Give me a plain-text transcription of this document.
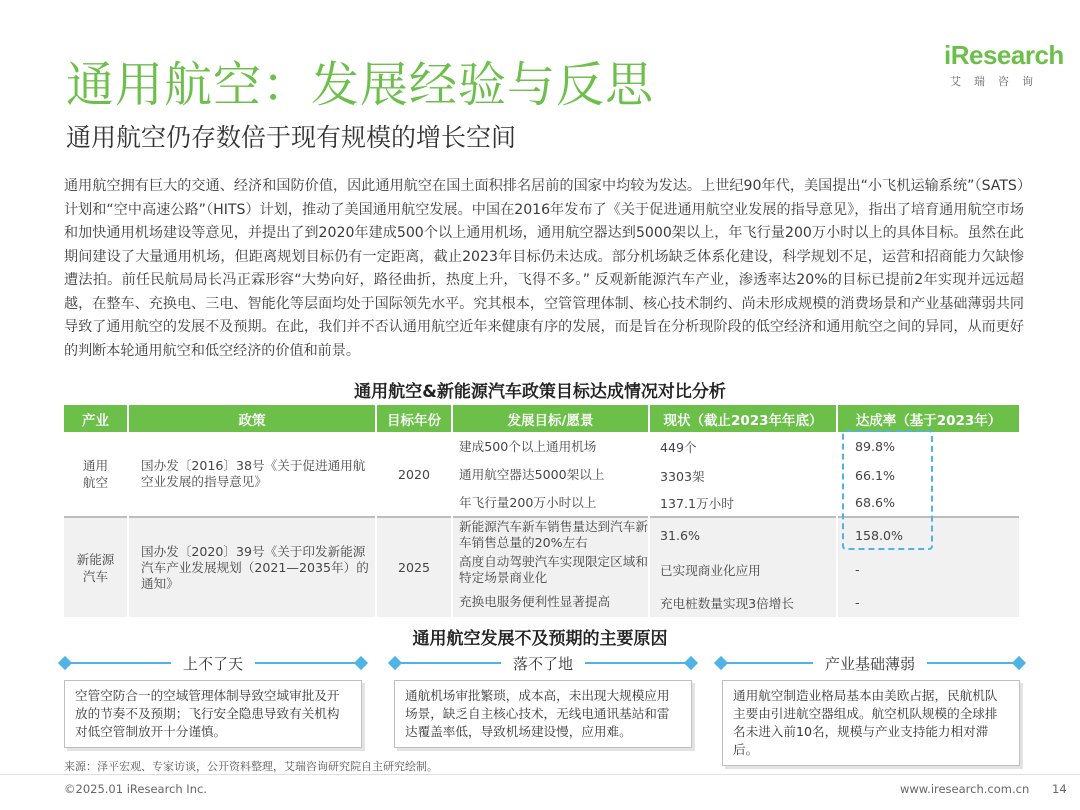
通用航空：发展经验与反思
通用航空仍存数倍于现有规模的增长空间
iResearch
艾瑞咨询
通用航空拥有巨大的交通、经济和国防价值，因此通用航空在国土面积排名居前的国家中均较为发达。上世纪90年代，美国提出“小飞机运输系统”（SATS）计划和“空中高速公路”（HITS）计划，推动了美国通用航空发展。中国在2016年发布了《关于促进通用航空业发展的指导意见》，指出了培育通用航空市场和加快通用机场建设等意见，并提出了到2020年建成500个以上通用机场，通用航空器达到5000架以上，年飞行量200万小时以上的具体目标。虽然在此期间建设了大量通用机场，但距离规划目标仍有一定距离，截止2023年目标仍未达成。部分机场缺乏体系化建设，科学规划不足，运营和招商能力欠缺惨遭法拍。前任民航局局长冯正霖形容“大势向好，路径曲折，热度上升，飞得不多。” 反观新能源汽车产业，渗透率达20%的目标已提前2年实现并远远超越，在整车、充换电、三电、智能化等层面均处于国际领先水平。究其根本，空管管理体制、核心技术制约、尚未形成规模的消费场景和产业基础薄弱共同导致了通用航空的发展不及预期。在此，我们并不否认通用航空近年来健康有序的发展，而是旨在分析现阶段的低空经济和通用航空之间的异同，从而更好的判断本轮通用航空和低空经济的价值和前景。
通用航空&新能源汽车政策目标达成情况对比分析
产业	政策	目标年份	发展目标/愿景	现状（截止2023年年底）	达成率（基于2023年）
通用
航空	国办发〔2016〕38号《关于促进通用航空业发展的指导意见》	2020	建成500个以上通用机场	449个	89.8%
			通用航空器达5000架以上	3303架	66.1%
			年飞行量200万小时以上	137.1万小时	68.6%
新能源
汽车	国办发〔2020〕39号《关于印发新能源汽车产业发展规划（2021—2035年）的通知》	2025	新能源汽车新车销售量达到汽车新车销售总量的20%左右	31.6%	158.0%
			高度自动驾驶汽车实现限定区域和特定场景商业化	已实现商业化应用	-
			充换电服务便利性显著提高	充电桩数量实现3倍增长	-
通用航空发展不及预期的主要原因
上不了天	落不了地	产业基础薄弱
空管空防合一的空域管理体制导致空域审批及开放的节奏不及预期；飞行安全隐患导致有关机构对低空管制放开十分谨慎。
通航机场审批繁琐，成本高，未出现大规模应用场景，缺乏自主核心技术，无线电通讯基站和雷达覆盖率低，导致机场建设慢，应用难。
通用航空制造业格局基本由美欧占据，民航机队主要由引进航空器组成。航空机队规模的全球排名未进入前10名，规模与产业支持能力相对滞后。
来源：泽平宏观、专家访谈，公开资料整理，艾瑞咨询研究院自主研究绘制。
©2025.01 iResearch Inc.	www.iresearch.com.cn 14
